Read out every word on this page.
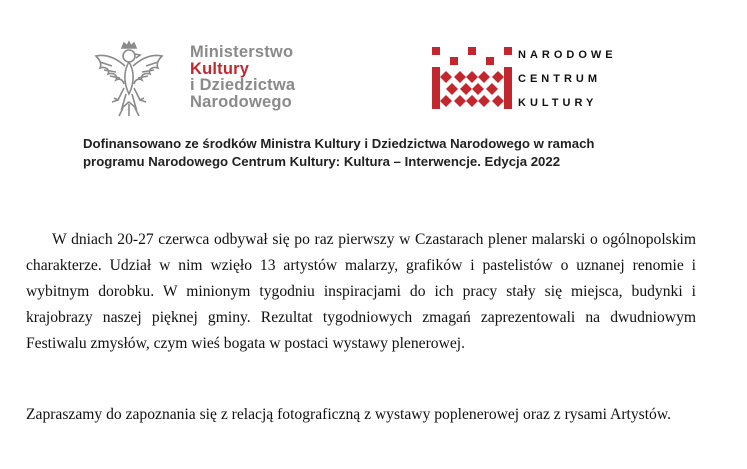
Ministerstwo
Kultury
i Dziedzictwa
Narodowego
NARODOWE
CENTRUM
KULTURY
Dofinansowano ze środków Ministra Kultury i Dziedzictwa Narodowego w ramach
programu Narodowego Centrum Kultury: Kultura – Interwencje. Edycja 2022
W dniach 20-27 czerwca odbywał się po raz pierwszy w Czastarach plener malarski o ogólnopolskim charakterze. Udział w nim wzięło 13 artystów malarzy, grafików i pastelistów o uznanej renomie i wybitnym dorobku. W minionym tygodniu inspiracjami do ich pracy stały się miejsca, budynki i krajobrazy naszej pięknej gminy. Rezultat tygodniowych zmagań zaprezentowali na dwudniowym Festiwalu zmysłów, czym wieś bogata w postaci wystawy plenerowej.
Zapraszamy do zapoznania się z relacją fotograficzną z wystawy poplenerowej oraz z rysami Artystów.
